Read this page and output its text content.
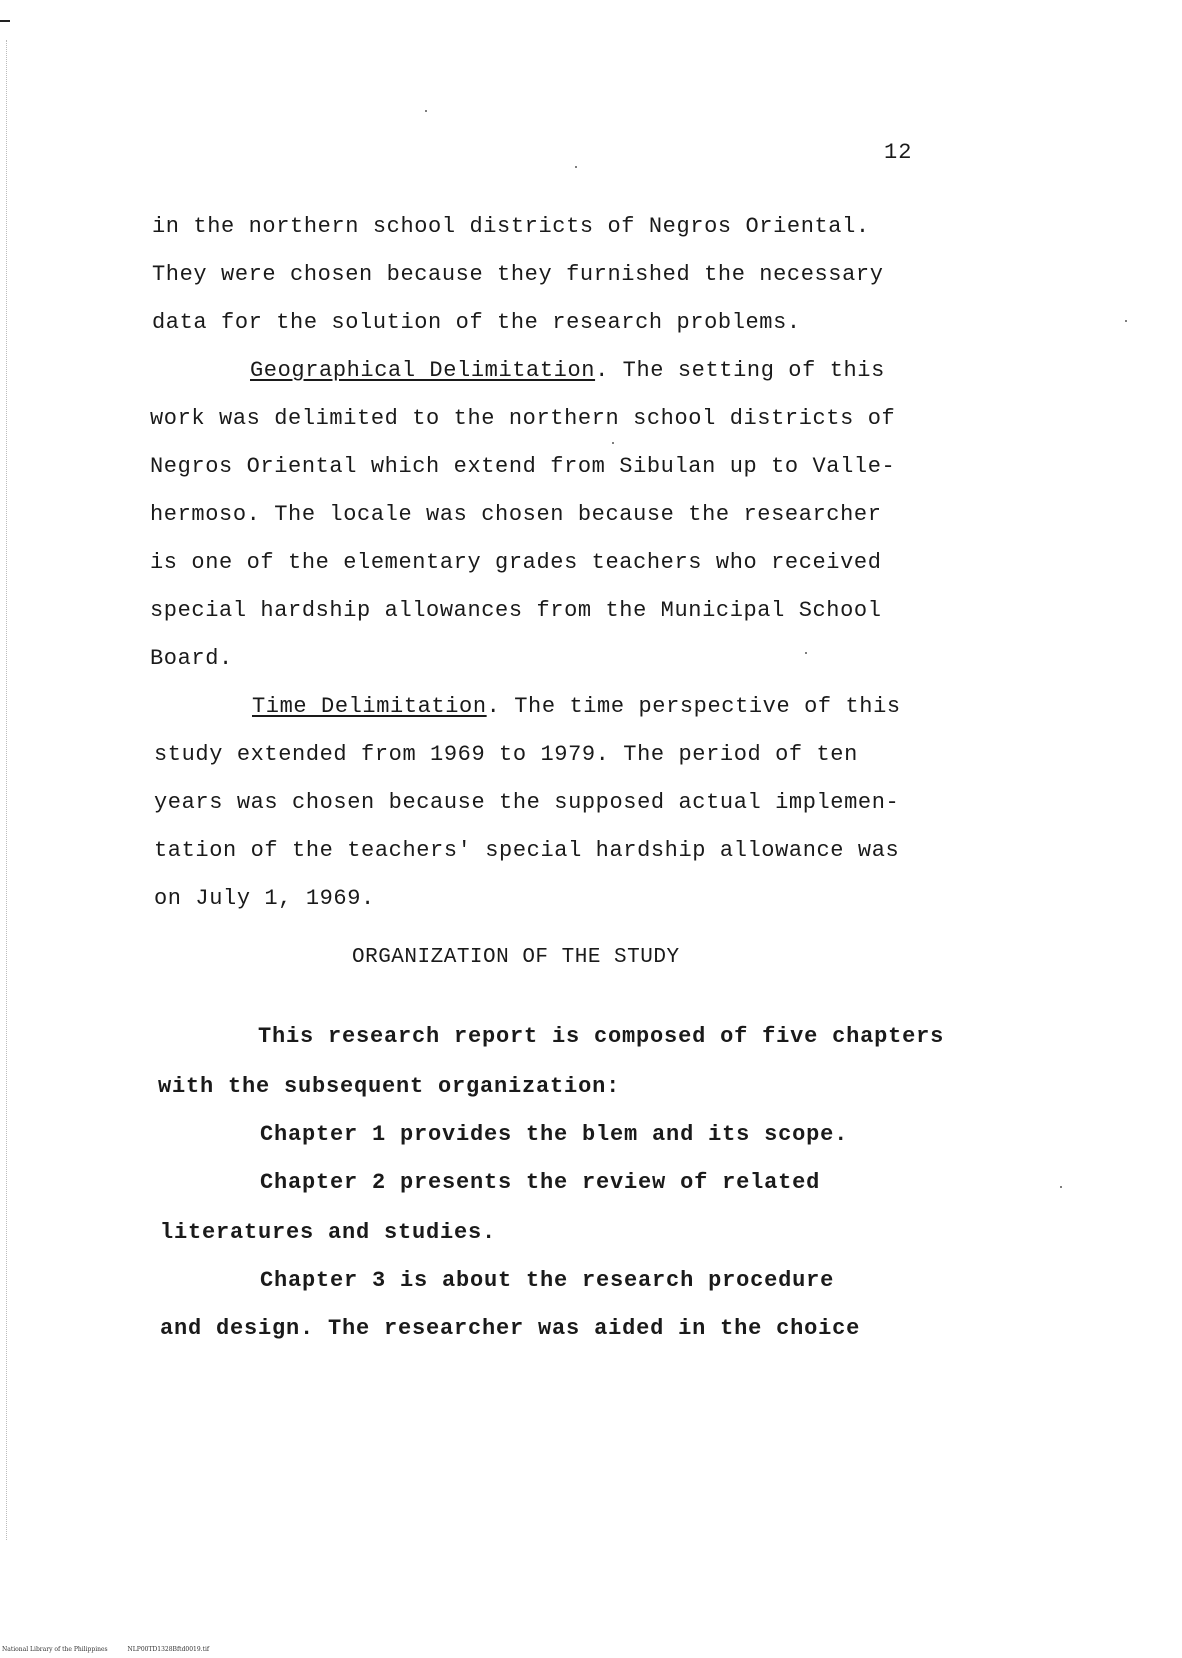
12
in the northern school districts of Negros Oriental.
They were chosen because they furnished the necessary
data for the solution of the research problems.
Geographical Delimitation. The setting of this
work was delimited to the northern school districts of
Negros Oriental which extend from Sibulan up to Valle-
hermoso. The locale was chosen because the researcher
is one of the elementary grades teachers who received
special hardship allowances from the Municipal School
Board.
Time Delimitation. The time perspective of this
study extended from 1969 to 1979. The period of ten
years was chosen because the supposed actual implemen-
tation of the teachers' special hardship allowance was
on July 1, 1969.
ORGANIZATION OF THE STUDY
This research report is composed of five chapters
with the subsequent organization:
Chapter 1 provides the blem and its scope.
Chapter 2 presents the review of related
literatures and studies.
Chapter 3 is about the research procedure
and design. The researcher was aided in the choice
National Library of the Philippines	NLP00TD1328Bftd0019.tif
